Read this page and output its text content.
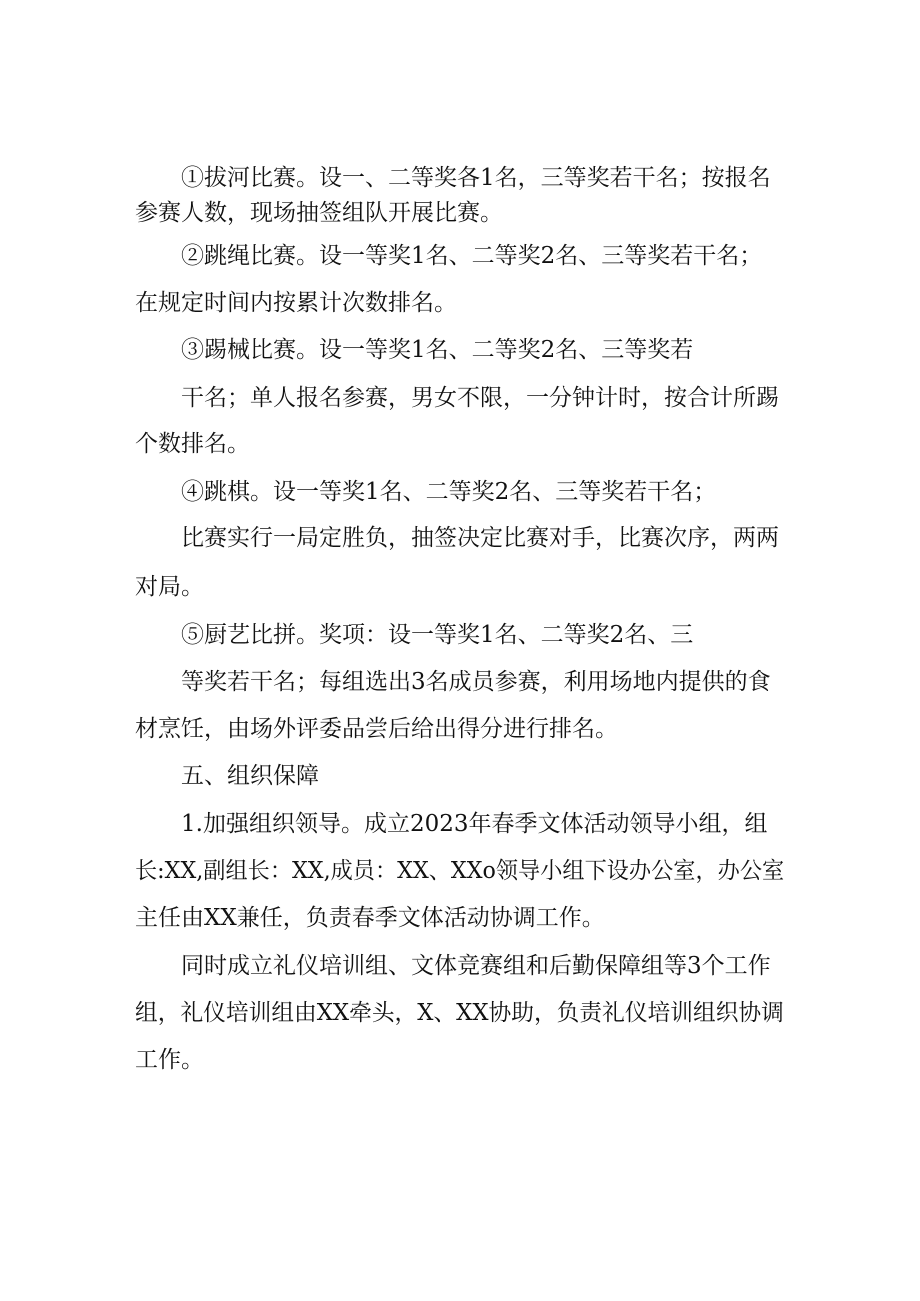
①拔河比赛。设一、二等奖各1名，三等奖若干名；按报名
参赛人数，现场抽签组队开展比赛。
②跳绳比赛。设一等奖1名、二等奖2名、三等奖若干名；
在规定时间内按累计次数排名。
③踢械比赛。设一等奖1名、二等奖2名、三等奖若
干名；单人报名参赛，男女不限，一分钟计时，按合计所踢
个数排名。
④跳棋。设一等奖1名、二等奖2名、三等奖若干名；
比赛实行一局定胜负，抽签决定比赛对手，比赛次序，两两
对局。
⑤厨艺比拼。奖项：设一等奖1名、二等奖2名、三
等奖若干名；每组选出3名成员参赛，利用场地内提供的食
材烹饪，由场外评委品尝后给出得分进行排名。
五、组织保障
1.加强组织领导。成立2023年春季文体活动领导小组，组
长:XX,副组长：XX,成员：XX、XXo领导小组下设办公室，办公室
主任由XX兼任，负责春季文体活动协调工作。
同时成立礼仪培训组、文体竞赛组和后勤保障组等3个工作
组，礼仪培训组由XX牵头，X、XX协助，负责礼仪培训组织协调
工作。
